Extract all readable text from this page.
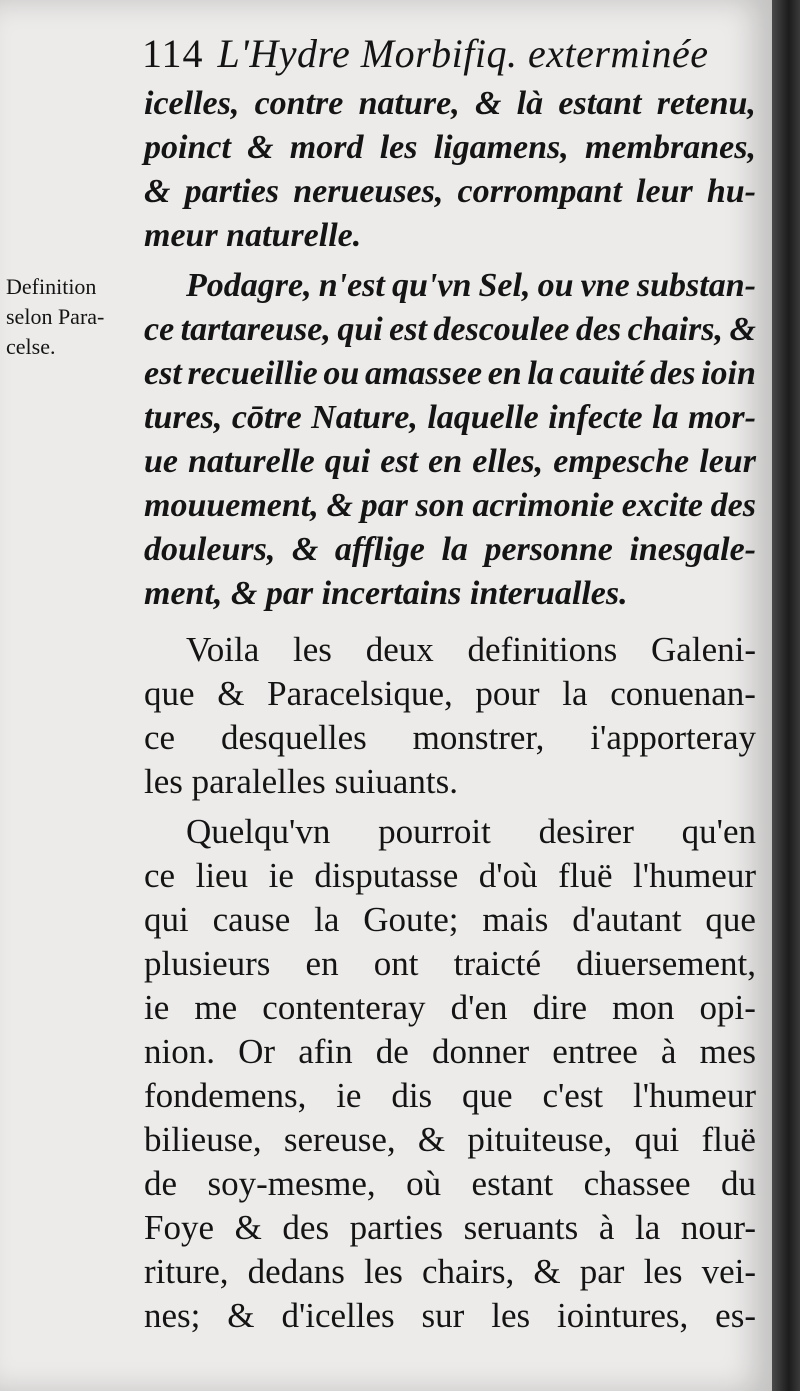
114 L'Hydre Morbifiq. exterminée
Definition
selon Para-
celse.
icelles, contre nature, & là estant retenu,
poinct & mord les ligamens, membranes,
& parties nerueuses, corrompant leur hu-
meur naturelle.
Podagre, n'est qu'vn Sel, ou vne substan-
ce tartareuse, qui est descoulee des chairs, &
est recueillie ou amassee en la cauité des ioin
tures, cōtre Nature, laquelle infecte la mor-
ue naturelle qui est en elles, empesche leur
mouuement, & par son acrimonie excite des
douleurs, & afflige la personne inesgale-
ment, & par incertains interualles.
Voila les deux definitions Galeni-
que & Paracelsique, pour la conuenan-
ce desquelles monstrer, i'apporteray
les paralelles suiuants.
Quelqu'vn pourroit desirer qu'en
ce lieu ie disputasse d'où fluë l'humeur
qui cause la Goute; mais d'autant que
plusieurs en ont traicté diuersement,
ie me contenteray d'en dire mon opi-
nion. Or afin de donner entree à mes
fondemens, ie dis que c'est l'humeur
bilieuse, sereuse, & pituiteuse, qui fluë
de soy-mesme, où estant chassee du
Foye & des parties seruants à la nour-
riture, dedans les chairs, & par les vei-
nes; & d'icelles sur les iointures, es-
